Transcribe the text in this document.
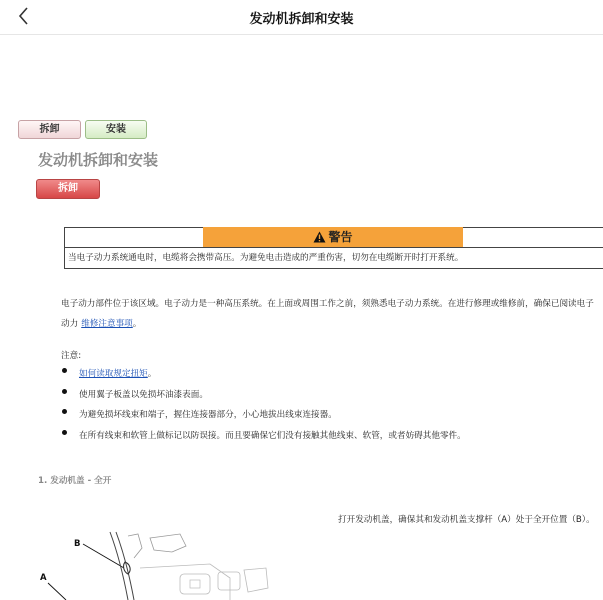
发动机拆卸和安装
拆卸	安装
发动机拆卸和安装
拆卸
警告
当电子动力系统通电时，电缆将会携带高压。为避免电击造成的严重伤害，切勿在电缆断开时打开系统。
电子动力部件位于该区域。电子动力是一种高压系统。在上面或周围工作之前，须熟悉电子动力系统。在进行修理或维修前，确保已阅读电子动力 维修注意事项。
注意:
如何读取规定扭矩。
使用翼子板盖以免损坏油漆表面。
为避免损坏线束和端子，握住连接器部分，小心地拔出线束连接器。
在所有线束和软管上做标记以防误接。而且要确保它们没有接触其他线束、软管，或者妨碍其他零件。
1. 发动机盖 - 全开
打开发动机盖，确保其和发动机盖支撑杆（A）处于全开位置（B）。
B
A
